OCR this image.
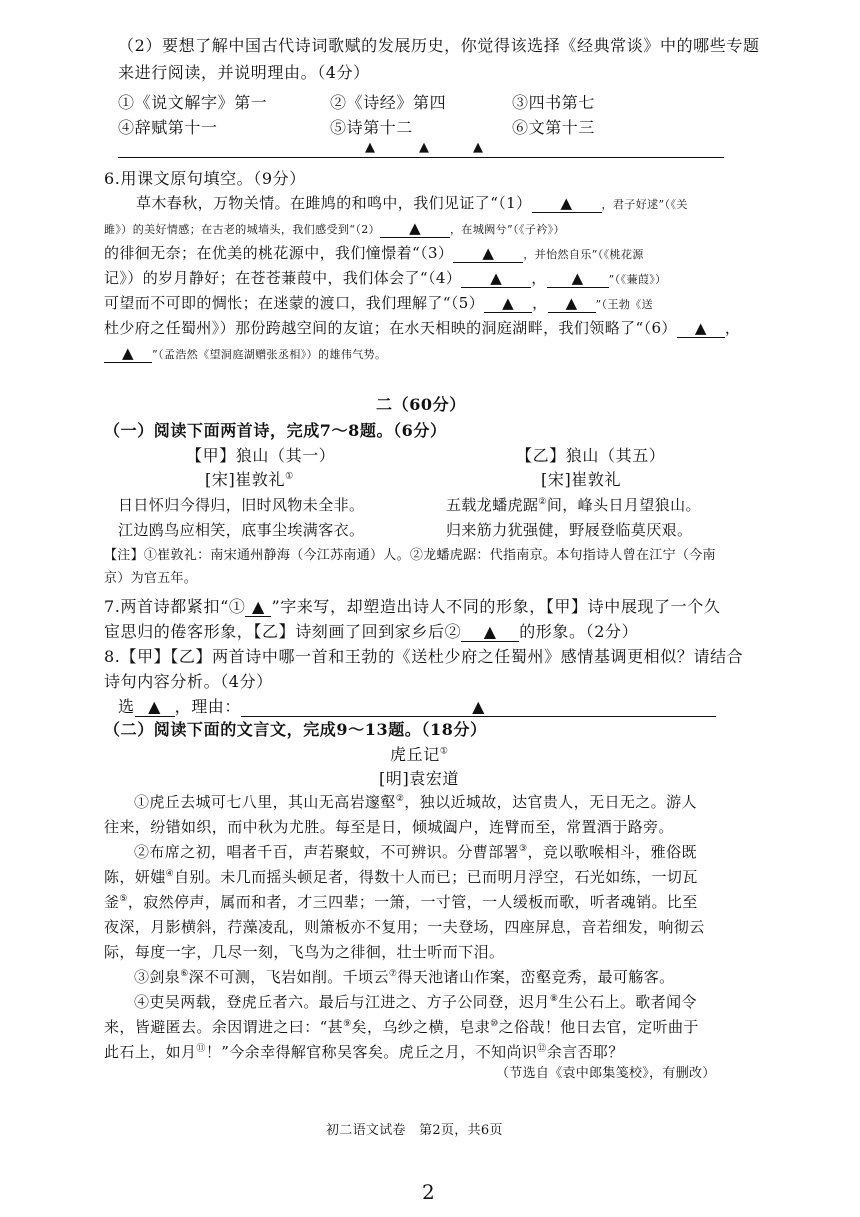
（2）要想了解中国古代诗词歌赋的发展历史，你觉得该选择《经典常谈》中的哪些专题
来进行阅读，并说明理由。（4分）
①《说文解字》第一	②《诗经》第四	③四书第七
④辞赋第十一	⑤诗第十二	⑥文第十三
▲　　▲　　▲
6.用课文原句填空。（9分）
草木春秋，万物关情。在雎鸠的和鸣中，我们见证了“（1） ▲	，君子好逑”（《关
雎》）的美好情感；在古老的城墙头，我们感受到“（2） ▲	，在城阙兮”（《子衿》）
的徘徊无奈；在优美的桃花源中，我们憧憬着“（3） ▲	，并怡然自乐”（《桃花源
记》）的岁月静好；在苍苍蒹葭中，我们体会了“（4） ▲ ， ▲ ”（《蒹葭》）
可望而不可即的惆怅；在迷蒙的渡口，我们理解了“（5） ▲ ， ▲ ”（王勃《送
杜少府之任蜀州》）那份跨越空间的友谊；在水天相映的洞庭湖畔，我们领略了“（6） ▲ ，
▲ ”（孟浩然《望洞庭湖赠张丞相》）的雄伟气势。
二（60分）
（一）阅读下面两首诗，完成7～8题。（6分）
【甲】狼山（其一）
[宋]崔敦礼①
【乙】狼山（其五）
[宋]崔敦礼
日日怀归今得归，旧时风物未全非。
江边鸥鸟应相笑，底事尘埃满客衣。
五载龙蟠虎踞②间，峰头日月望狼山。
归来筋力犹强健，野屐登临莫厌艰。
【注】①崔敦礼：南宋通州静海（今江苏南通）人。②龙蟠虎踞：代指南京。本句指诗人曾在江宁（今南
京）为官五年。
7.两首诗都紧扣“① ▲ ”字来写，却塑造出诗人不同的形象，【甲】诗中展现了一个久
宦思归的倦客形象，【乙】诗刻画了回到家乡后② ▲ 的形象。（2分）
8.【甲】【乙】两首诗中哪一首和王勃的《送杜少府之任蜀州》感情基调更相似？请结合
诗句内容分析。（4分）
选 ▲ ，理由：	▲
（二）阅读下面的文言文，完成9～13题。（18分）
虎丘记①
[明]袁宏道
①虎丘去城可七八里，其山无高岩邃壑②，独以近城故，达官贵人，无日无之。游人
往来，纷错如织，而中秋为尤胜。每至是日，倾城阖户，连臂而至，常置酒于路旁。
②布席之初，唱者千百，声若聚蚊，不可辨识。分曹部署③，竞以歌喉相斗，雅俗既
陈，妍媸④自别。未几而摇头顿足者，得数十人而已；已而明月浮空，石光如练，一切瓦
釜⑤，寂然停声，属而和者，才三四辈；一箫，一寸管，一人缓板而歌，听者魂销。比至
夜深，月影横斜，荇藻凌乱，则箫板亦不复用；一夫登场，四座屏息，音若细发，响彻云
际，每度一字，几尽一刻，飞鸟为之徘徊，壮士听而下泪。
③剑泉⑥深不可测，飞岩如削。千顷云⑦得天池诸山作案，峦壑竞秀，最可觞客。
④吏吴两载，登虎丘者六。最后与江进之、方子公同登，迟月⑧生公石上。歌者闻令
来，皆避匿去。余因谓进之曰：“甚⑨矣，乌纱之横，皂隶⑩之俗哉！他日去官，定听曲于
此石上，如月⑪！”今余幸得解官称吴客矣。虎丘之月，不知尚识⑫余言否耶？
（节选自《袁中郎集笺校》，有删改）
初二语文试卷　第2页，共6页
2
